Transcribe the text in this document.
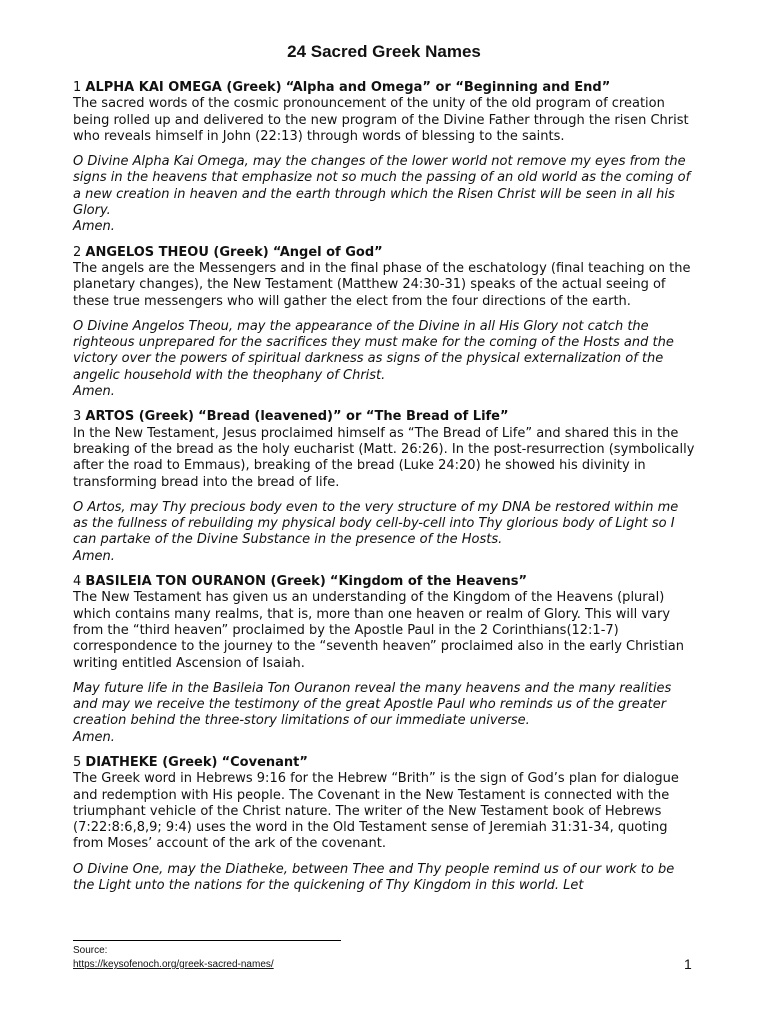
24 Sacred Greek Names
1 ALPHA KAI OMEGA (Greek) “Alpha and Omega” or “Beginning and End”
The sacred words of the cosmic pronouncement of the unity of the old program of creation being rolled up and delivered to the new program of the Divine Father through the risen Christ who reveals himself in John (22:13) through words of blessing to the saints.
O Divine Alpha Kai Omega, may the changes of the lower world not remove my eyes from the signs in the heavens that emphasize not so much the passing of an old world as the coming of a new creation in heaven and the earth through which the Risen Christ will be seen in all his Glory.
Amen.
2 ANGELOS THEOU (Greek) “Angel of God”
The angels are the Messengers and in the final phase of the eschatology (final teaching on the planetary changes), the New Testament (Matthew 24:30-31) speaks of the actual seeing of these true messengers who will gather the elect from the four directions of the earth.
O Divine Angelos Theou, may the appearance of the Divine in all His Glory not catch the righteous unprepared for the sacrifices they must make for the coming of the Hosts and the victory over the powers of spiritual darkness as signs of the physical externalization of the angelic household with the theophany of Christ.
Amen.
3 ARTOS (Greek) “Bread (leavened)” or “The Bread of Life”
In the New Testament, Jesus proclaimed himself as “The Bread of Life” and shared this in the breaking of the bread as the holy eucharist (Matt. 26:26). In the post-resurrection (symbolically after the road to Emmaus), breaking of the bread (Luke 24:20) he showed his divinity in transforming bread into the bread of life.
O Artos, may Thy precious body even to the very structure of my DNA be restored within me as the fullness of rebuilding my physical body cell-by-cell into Thy glorious body of Light so I can partake of the Divine Substance in the presence of the Hosts.
Amen.
4 BASILEIA TON OURANON (Greek) “Kingdom of the Heavens”
The New Testament has given us an understanding of the Kingdom of the Heavens (plural) which contains many realms, that is, more than one heaven or realm of Glory. This will vary from the “third heaven” proclaimed by the Apostle Paul in the 2 Corinthians(12:1-7) correspondence to the journey to the “seventh heaven” proclaimed also in the early Christian writing entitled Ascension of Isaiah.
May future life in the Basileia Ton Ouranon reveal the many heavens and the many realities and may we receive the testimony of the great Apostle Paul who reminds us of the greater creation behind the three-story limitations of our immediate universe.
Amen.
5 DIATHEKE (Greek) “Covenant”
The Greek word in Hebrews 9:16 for the Hebrew “Brith” is the sign of God’s plan for dialogue and redemption with His people. The Covenant in the New Testament is connected with the triumphant vehicle of the Christ nature. The writer of the New Testament book of Hebrews (7:22:8:6,8,9; 9:4) uses the word in the Old Testament sense of Jeremiah 31:31-34, quoting from Moses’ account of the ark of the covenant.
O Divine One, may the Diatheke, between Thee and Thy people remind us of our work to be the Light unto the nations for the quickening of Thy Kingdom in this world. Let
Source:
https://keysofenoch.org/greek-sacred-names/	1
